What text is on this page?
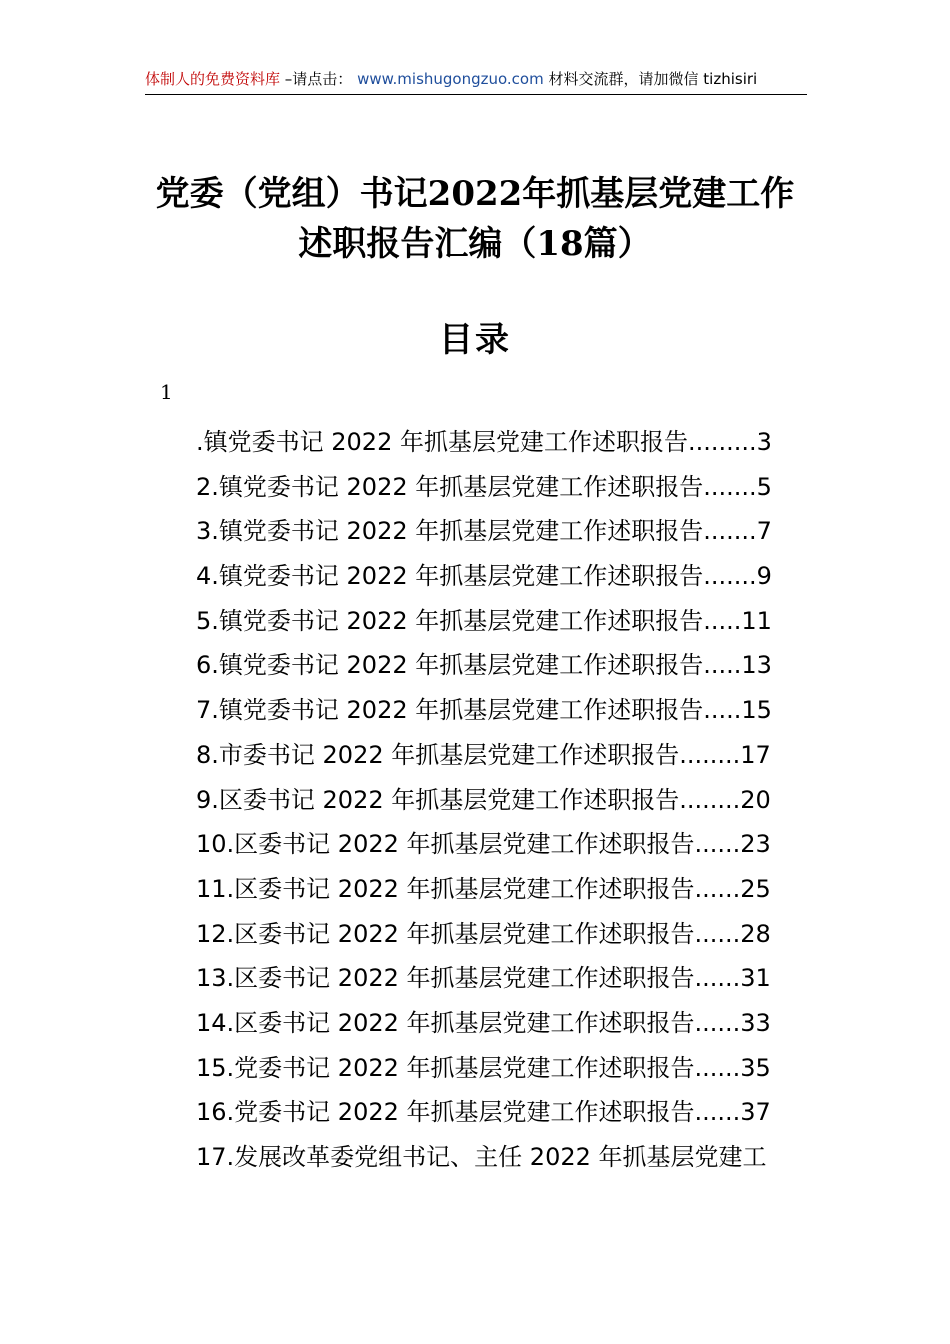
体制人的免费资料库 –请点击： www.mishugongzuo.com 材料交流群，请加微信 tizhisiri
党委（党组）书记2022年抓基层党建工作
述职报告汇编（18篇）
目录
1
.镇党委书记 2022 年抓基层党建工作述职报告.........3
2.镇党委书记 2022 年抓基层党建工作述职报告.......5
3.镇党委书记 2022 年抓基层党建工作述职报告.......7
4.镇党委书记 2022 年抓基层党建工作述职报告.......9
5.镇党委书记 2022 年抓基层党建工作述职报告.....11
6.镇党委书记 2022 年抓基层党建工作述职报告.....13
7.镇党委书记 2022 年抓基层党建工作述职报告.....15
8.市委书记 2022 年抓基层党建工作述职报告........17
9.区委书记 2022 年抓基层党建工作述职报告........20
10.区委书记 2022 年抓基层党建工作述职报告......23
11.区委书记 2022 年抓基层党建工作述职报告......25
12.区委书记 2022 年抓基层党建工作述职报告......28
13.区委书记 2022 年抓基层党建工作述职报告......31
14.区委书记 2022 年抓基层党建工作述职报告......33
15.党委书记 2022 年抓基层党建工作述职报告......35
16.党委书记 2022 年抓基层党建工作述职报告......37
17.发展改革委党组书记、主任 2022 年抓基层党建工
